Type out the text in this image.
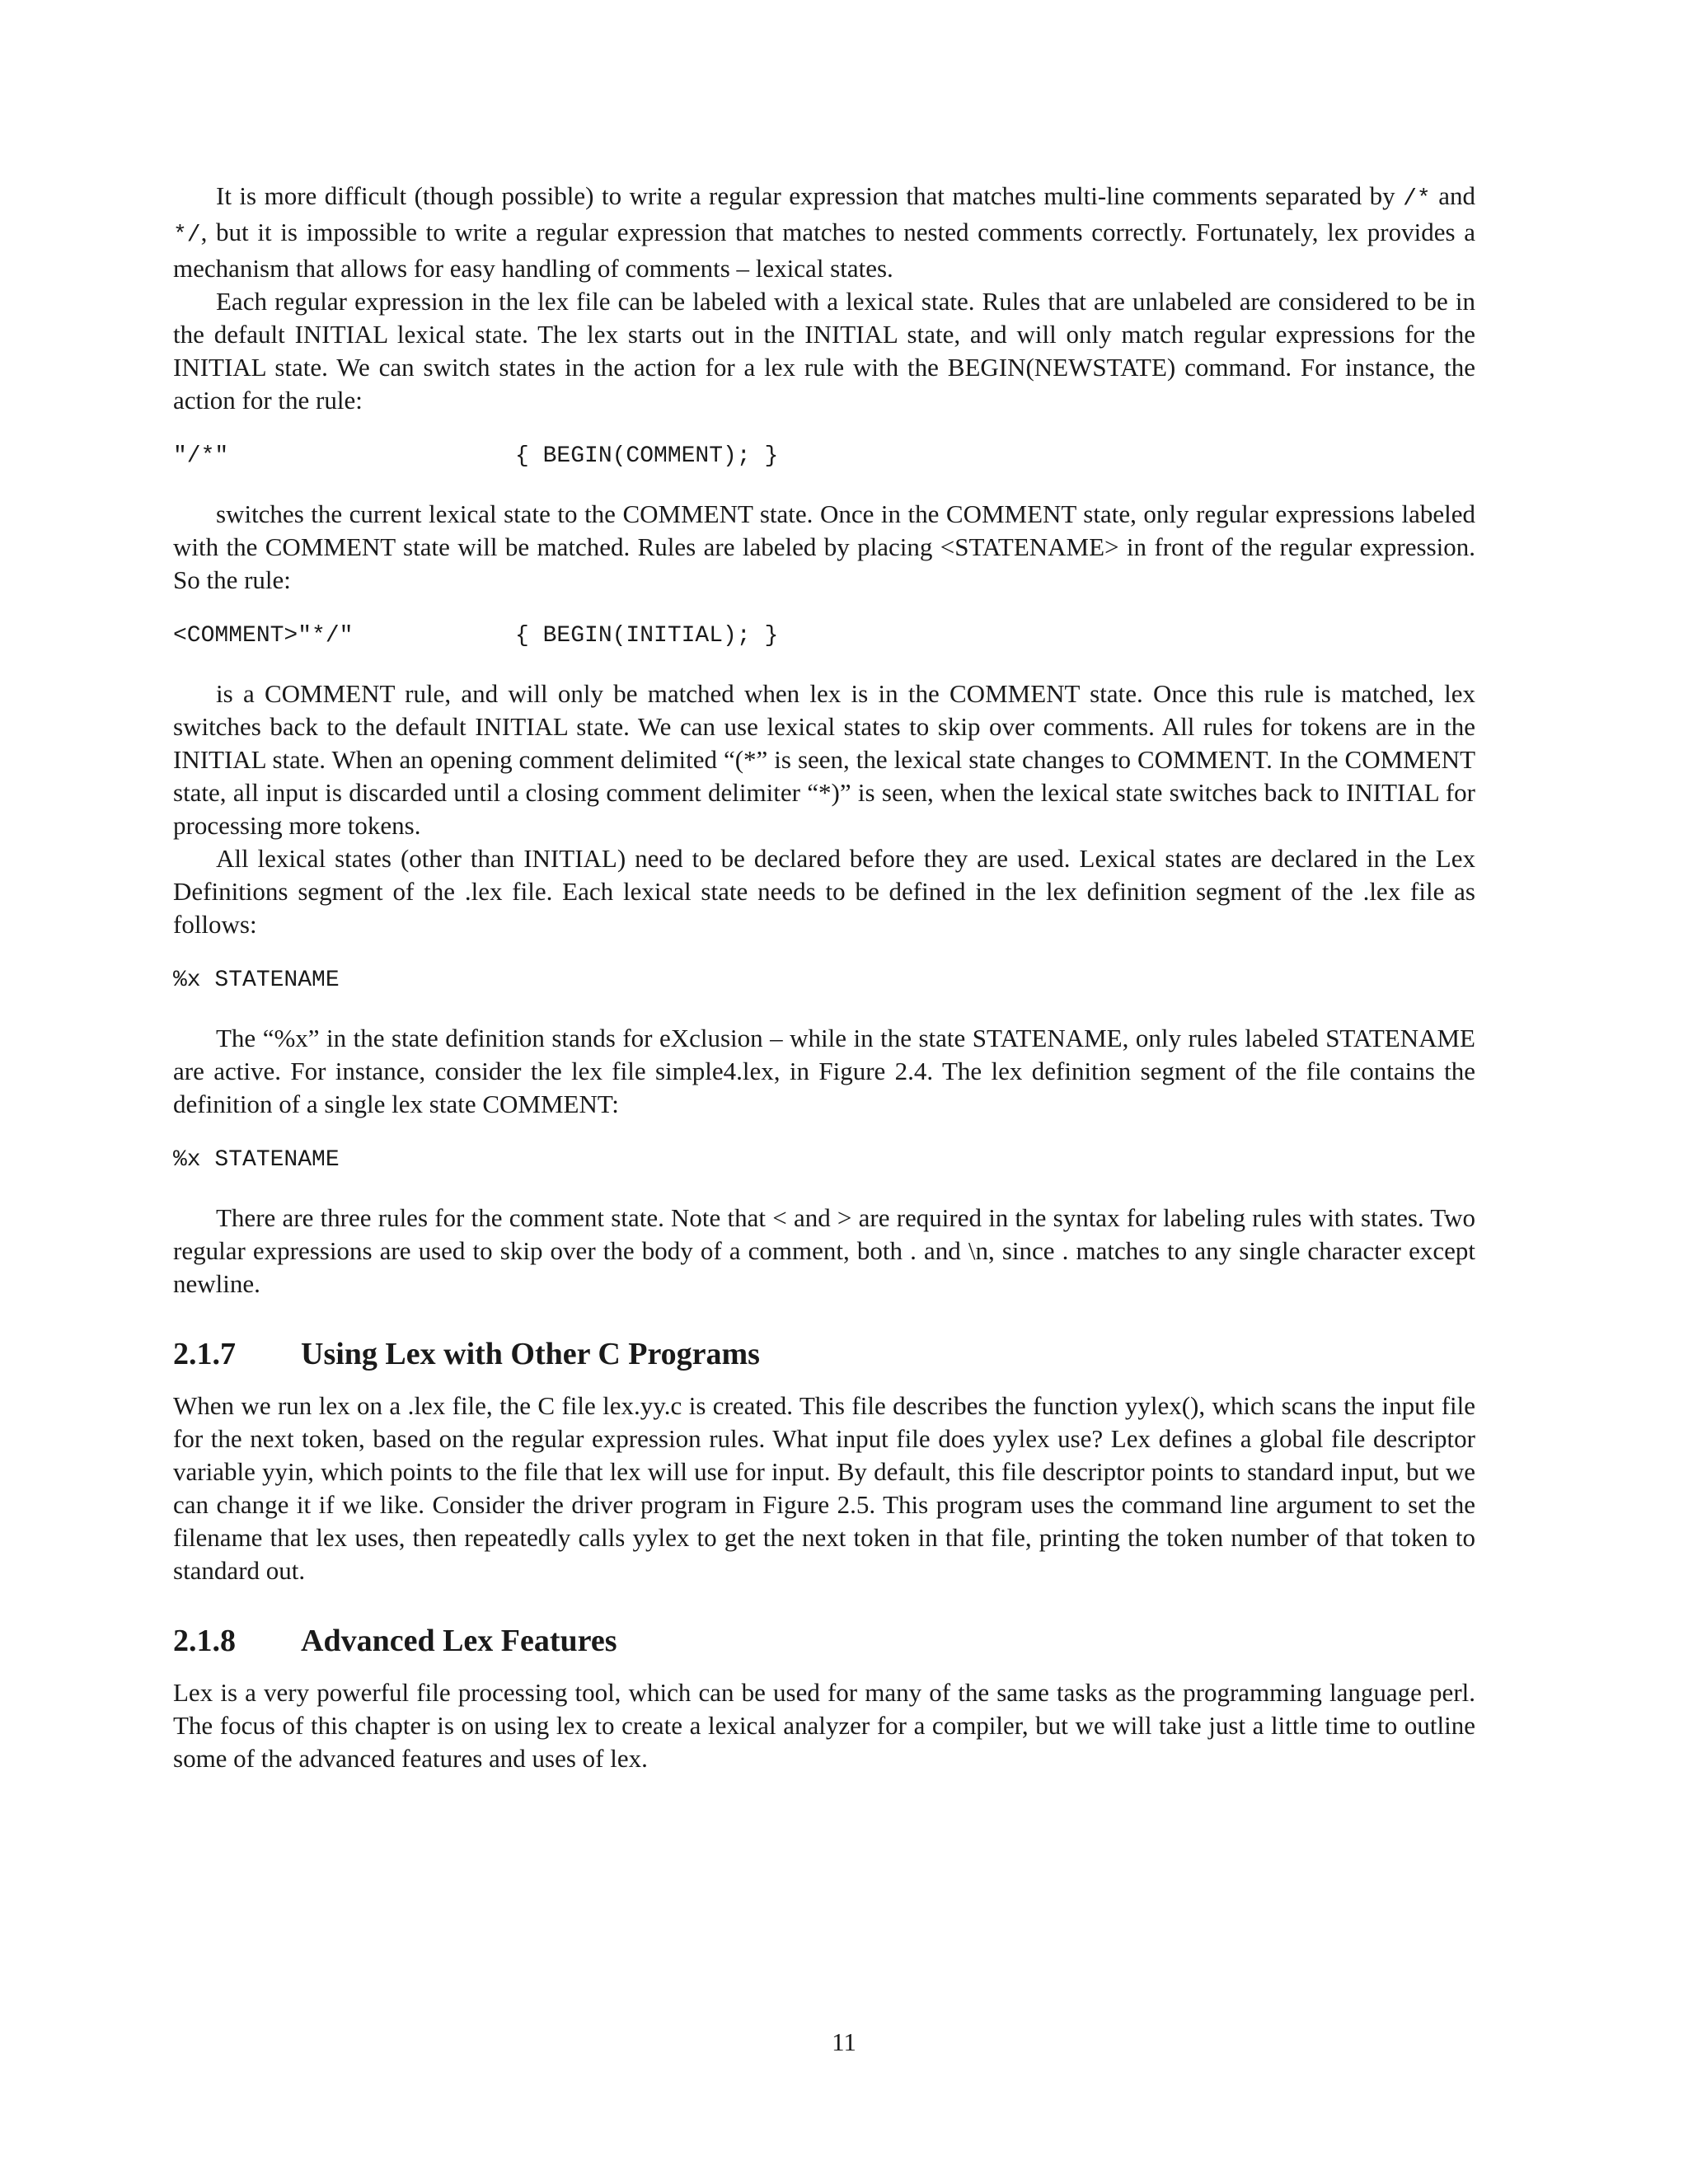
It is more difficult (though possible) to write a regular expression that matches multi-line comments separated by /* and */, but it is impossible to write a regular expression that matches to nested comments correctly. Fortunately, lex provides a mechanism that allows for easy handling of comments – lexical states.

Each regular expression in the lex file can be labeled with a lexical state. Rules that are unlabeled are considered to be in the default INITIAL lexical state. The lex starts out in the INITIAL state, and will only match regular expressions for the INITIAL state. We can switch states in the action for a lex rule with the BEGIN(NEWSTATE) command. For instance, the action for the rule:

"/*"	{ BEGIN(COMMENT); }

switches the current lexical state to the COMMENT state. Once in the COMMENT state, only regular expressions labeled with the COMMENT state will be matched. Rules are labeled by placing <STATENAME> in front of the regular expression. So the rule:

<COMMENT>"*/"	{ BEGIN(INITIAL); }

is a COMMENT rule, and will only be matched when lex is in the COMMENT state. Once this rule is matched, lex switches back to the default INITIAL state. We can use lexical states to skip over comments. All rules for tokens are in the INITIAL state. When an opening comment delimited “(*” is seen, the lexical state changes to COMMENT. In the COMMENT state, all input is discarded until a closing comment delimiter “*)” is seen, when the lexical state switches back to INITIAL for processing more tokens.

All lexical states (other than INITIAL) need to be declared before they are used. Lexical states are declared in the Lex Definitions segment of the .lex file. Each lexical state needs to be defined in the lex definition segment of the .lex file as follows:

%x STATENAME

The “%x” in the state definition stands for eXclusion – while in the state STATENAME, only rules labeled STATENAME are active. For instance, consider the lex file simple4.lex, in Figure 2.4. The lex definition segment of the file contains the definition of a single lex state COMMENT:

%x STATENAME

There are three rules for the comment state. Note that < and > are required in the syntax for labeling rules with states. Two regular expressions are used to skip over the body of a comment, both . and \n, since . matches to any single character except newline.

2.1.7	Using Lex with Other C Programs

When we run lex on a .lex file, the C file lex.yy.c is created. This file describes the function yylex(), which scans the input file for the next token, based on the regular expression rules. What input file does yylex use? Lex defines a global file descriptor variable yyin, which points to the file that lex will use for input. By default, this file descriptor points to standard input, but we can change it if we like. Consider the driver program in Figure 2.5. This program uses the command line argument to set the filename that lex uses, then repeatedly calls yylex to get the next token in that file, printing the token number of that token to standard out.

2.1.8	Advanced Lex Features

Lex is a very powerful file processing tool, which can be used for many of the same tasks as the programming language perl. The focus of this chapter is on using lex to create a lexical analyzer for a compiler, but we will take just a little time to outline some of the advanced features and uses of lex.

11
